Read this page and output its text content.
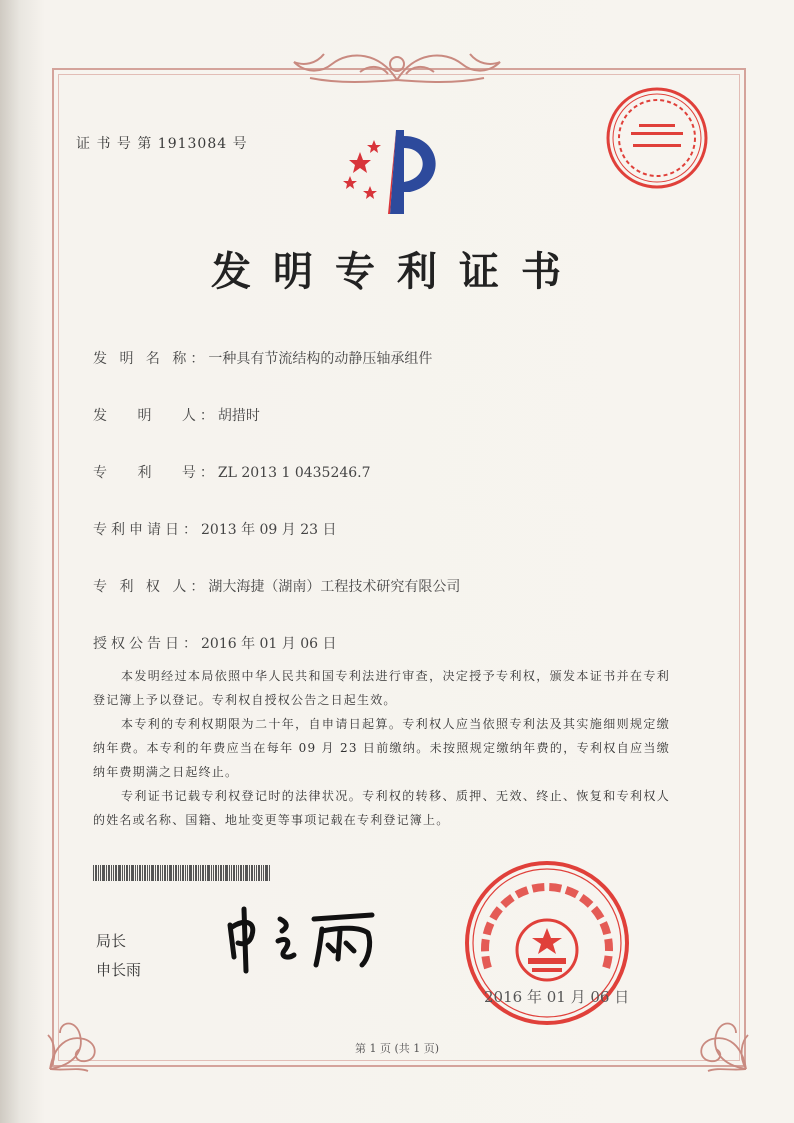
证 书 号 第 1913084 号
发明专利证书
发 明 名 称：一种具有节流结构的动静压轴承组件
发　 明　 人：胡措时
专　 利　 号：ZL 2013 1 0435246.7
专利申请日：2013 年 09 月 23 日
专 利 权 人：湖大海捷（湖南）工程技术研究有限公司
授权公告日：2016 年 01 月 06 日
本发明经过本局依照中华人民共和国专利法进行审查，决定授予专利权，颁发本证书并在专利登记簿上予以登记。专利权自授权公告之日起生效。
本专利的专利权期限为二十年，自申请日起算。专利权人应当依照专利法及其实施细则规定缴纳年费。本专利的年费应当在每年 09 月 23 日前缴纳。未按照规定缴纳年费的，专利权自应当缴纳年费期满之日起终止。
专利证书记载专利权登记时的法律状况。专利权的转移、质押、无效、终止、恢复和专利权人的姓名或名称、国籍、地址变更等事项记载在专利登记簿上。
局长
申长雨
2016 年 01 月 06 日
第 1 页 (共 1 页)
